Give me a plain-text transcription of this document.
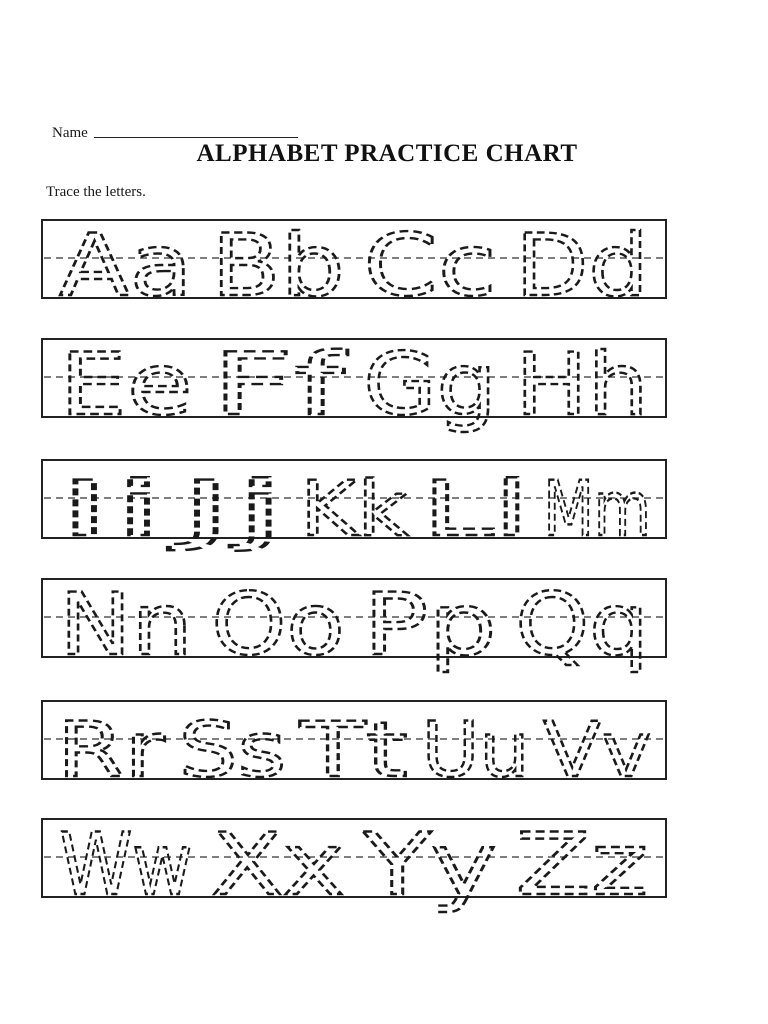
Name
ALPHABET PRACTICE CHART
Trace the letters.
Aa Bb Cc Dd
Ee Ff Gg Hh
Ii Jj Kk Ll Mm
Nn Oo Pp Qq
Rr Ss Tt Uu Vv
Ww Xx Yy Zz
